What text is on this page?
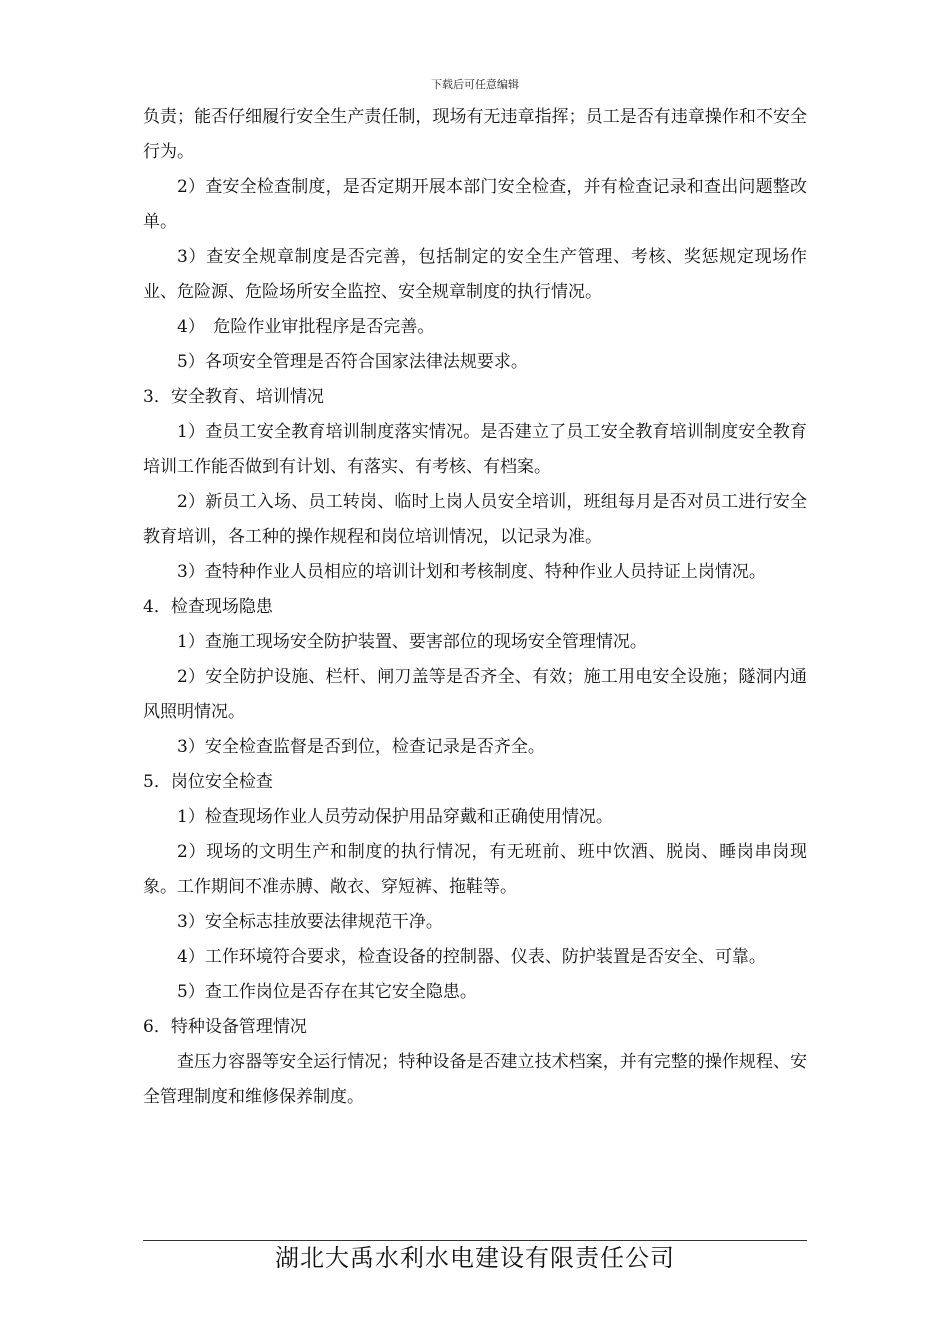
下载后可任意编辑

负责；能否仔细履行安全生产责任制，现场有无违章指挥；员工是否有违章操作和不安全行为。

2）查安全检查制度，是否定期开展本部门安全检查，并有检查记录和查出问题整改单。

3）查安全规章制度是否完善，包括制定的安全生产管理、考核、奖惩规定现场作业、危险源、危险场所安全监控、安全规章制度的执行情况。

4）　危险作业审批程序是否完善。

5）各项安全管理是否符合国家法律法规要求。

3．安全教育、培训情况

1）查员工安全教育培训制度落实情况。是否建立了员工安全教育培训制度安全教育培训工作能否做到有计划、有落实、有考核、有档案。

2）新员工入场、员工转岗、临时上岗人员安全培训，班组每月是否对员工进行安全教育培训，各工种的操作规程和岗位培训情况，以记录为准。

3）查特种作业人员相应的培训计划和考核制度、特种作业人员持证上岗情况。

4．检查现场隐患

1）查施工现场安全防护装置、要害部位的现场安全管理情况。

2）安全防护设施、栏杆、闸刀盖等是否齐全、有效；施工用电安全设施；隧洞内通风照明情况。

3）安全检查监督是否到位，检查记录是否齐全。

5．岗位安全检查

1）检查现场作业人员劳动保护用品穿戴和正确使用情况。

2）现场的文明生产和制度的执行情况，有无班前、班中饮酒、脱岗、睡岗串岗现象。工作期间不准赤膊、敞衣、穿短裤、拖鞋等。

3）安全标志挂放要法律规范干净。

4）工作环境符合要求，检查设备的控制器、仪表、防护装置是否安全、可靠。

5）查工作岗位是否存在其它安全隐患。

6．特种设备管理情况

查压力容器等安全运行情况；特种设备是否建立技术档案，并有完整的操作规程、安全管理制度和维修保养制度。

湖北大禹水利水电建设有限责任公司
